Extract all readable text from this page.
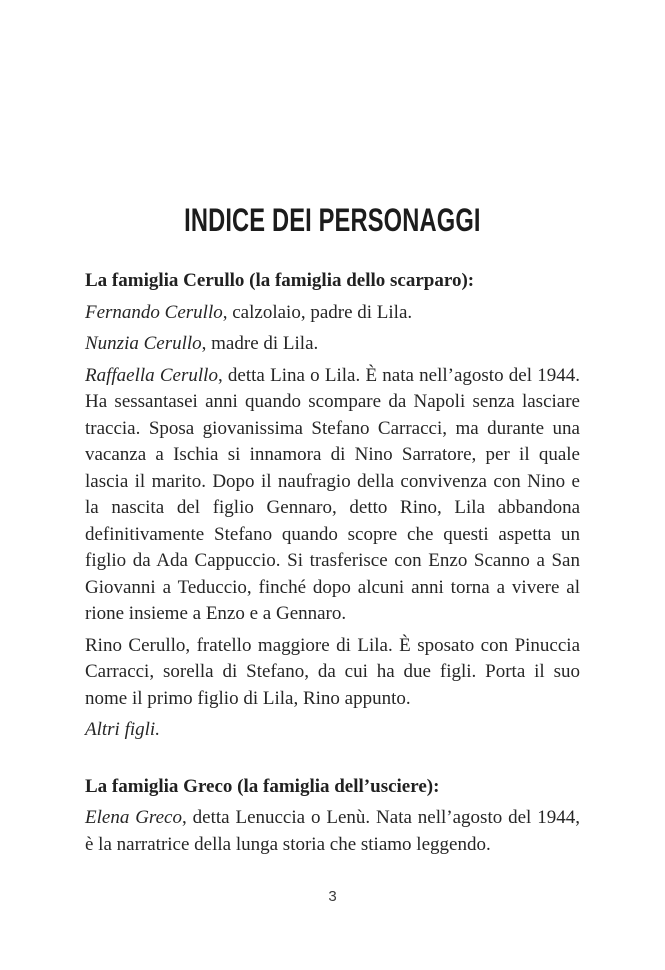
INDICE DEI PERSONAGGI
La famiglia Cerullo (la famiglia dello scarparo):

Fernando Cerullo, calzolaio, padre di Lila.

Nunzia Cerullo, madre di Lila.

Raffaella Cerullo, detta Lina o Lila. È nata nell’agosto del 1944. Ha sessantasei anni quando scompare da Napoli senza lasciare traccia. Sposa giovanissima Stefano Carracci, ma durante una vacanza a Ischia si innamora di Nino Sarratore, per il quale lascia il marito. Dopo il naufragio della convivenza con Nino e la nascita del figlio Gennaro, detto Rino, Lila abbandona definitivamente Stefano quando scopre che questi aspetta un figlio da Ada Cappuccio. Si trasferisce con Enzo Scanno a San Giovanni a Teduccio, finché dopo alcuni anni torna a vivere al rione insieme a Enzo e a Gennaro.

Rino Cerullo, fratello maggiore di Lila. È sposato con Pinuccia Carracci, sorella di Stefano, da cui ha due figli. Porta il suo nome il primo figlio di Lila, Rino appunto.

Altri figli.

La famiglia Greco (la famiglia dell’usciere):

Elena Greco, detta Lenuccia o Lenù. Nata nell’agosto del 1944, è la narratrice della lunga storia che stiamo leggendo.

3
